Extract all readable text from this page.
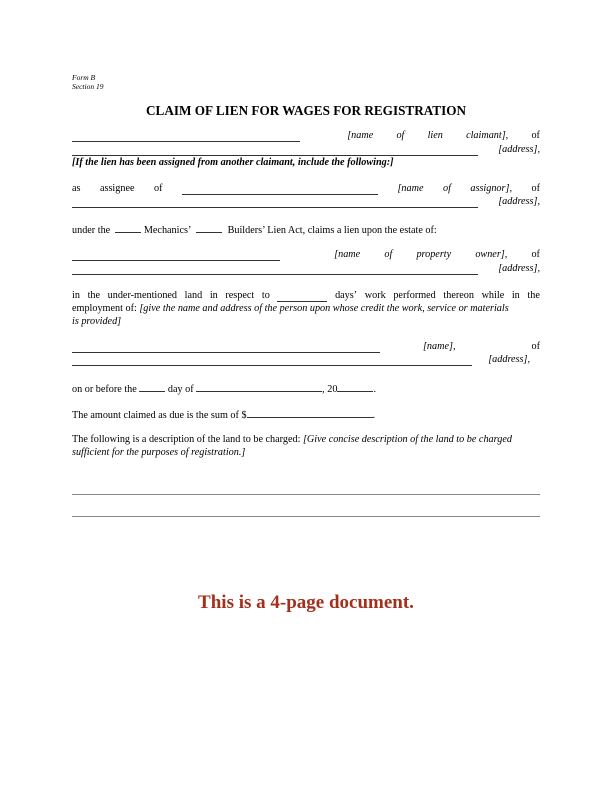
Form B
Section 19
CLAIM OF LIEN FOR WAGES FOR REGISTRATION
[name of lien claimant], of
[address],
[If the lien has been assigned from another claimant, include the following:]
as assignee of	[name of assignor], of
[address],
under the	Mechanics’	Builders’ Lien Act, claims a lien upon the estate of:
[name of property owner], of
[address],
in the under-mentioned land in respect to	days’ work performed thereon while in the
employment of: [give the name and address of the person upon whose credit the work, service or materials
is provided]
[name],	of
[address],
on or before the	day of	, 20	.
The amount claimed as due is the sum of $	.
The following is a description of the land to be charged: [Give concise description of the land to be charged
sufficient for the purposes of registration.]
This is a 4-page document.
